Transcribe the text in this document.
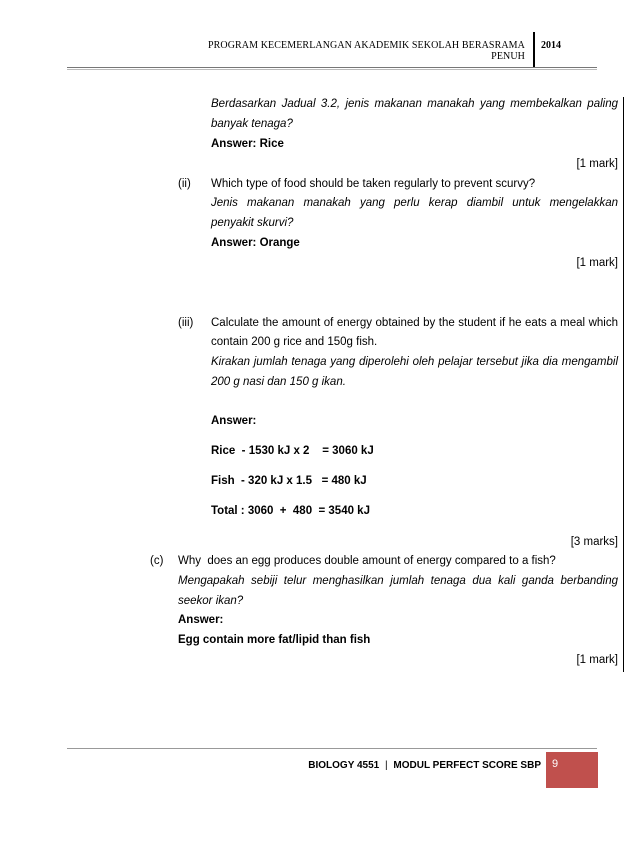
PROGRAM KECEMERLANGAN AKADEMIK SEKOLAH BERASRAMA PENUH
2014
Berdasarkan Jadual 3.2, jenis makanan manakah yang membekalkan paling
banyak tenaga?
Answer: Rice
[1 mark]
(ii) Which type of food should be taken regularly to prevent scurvy?
Jenis makanan manakah yang perlu kerap diambil untuk mengelakkan
penyakit skurvi?
Answer: Orange
[1 mark]
(iii) Calculate the amount of energy obtained by the student if he eats a meal which
contain 200 g rice and 150g fish.
Kirakan jumlah tenaga yang diperolehi oleh pelajar tersebut jika dia mengambil
200 g nasi dan 150 g ikan.
Answer:
Rice  - 1530 kJ x 2    = 3060 kJ
Fish  - 320 kJ x 1.5   = 480 kJ
Total : 3060  +  480  = 3540 kJ
[3 marks]
(c) Why  does an egg produces double amount of energy compared to a fish?
Mengapakah sebiji telur menghasilkan jumlah tenaga dua kali ganda berbanding
seekor ikan?
Answer:
Egg contain more fat/lipid than fish
[1 mark]
BIOLOGY 4551 | MODUL PERFECT SCORE SBP 9
